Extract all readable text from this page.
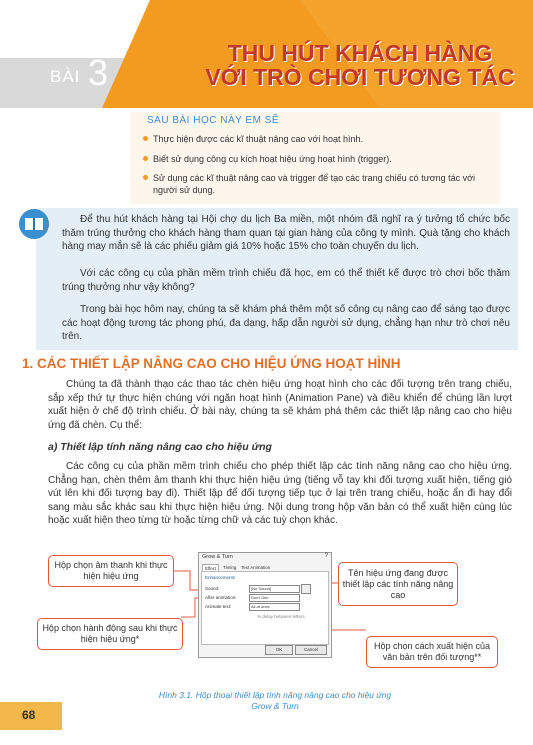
BÀI 3	THU HÚT KHÁCH HÀNG
VỚI TRÒ CHƠI TƯƠNG TÁC
SAU BÀI HỌC NÀY EM SẼ
Thực hiện được các kĩ thuật nâng cao với hoạt hình.
Biết sử dụng công cụ kích hoạt hiệu ứng hoạt hình (trigger).
Sử dụng các kĩ thuật nâng cao và trigger để tạo các trang chiếu có tương tác với người sử dụng.
Để thu hút khách hàng tại Hội chợ du lịch Ba miền, một nhóm đã nghĩ ra ý tưởng tổ chức bốc thăm trúng thưởng cho khách hàng tham quan tại gian hàng của công ty mình. Quà tặng cho khách hàng may mắn sẽ là các phiếu giảm giá 10% hoặc 15% cho toàn chuyến du lịch.
Với các công cụ của phần mềm trình chiếu đã học, em có thể thiết kế được trò chơi bốc thăm trúng thưởng như vậy không?
Trong bài học hôm nay, chúng ta sẽ khám phá thêm một số công cụ nâng cao để sáng tạo được các hoạt động tương tác phong phú, đa dạng, hấp dẫn người sử dụng, chẳng hạn như trò chơi nêu trên.
1. CÁC THIẾT LẬP NÂNG CAO CHO HIỆU ỨNG HOẠT HÌNH
Chúng ta đã thành thạo các thao tác chèn hiệu ứng hoạt hình cho các đối tượng trên trang chiếu, sắp xếp thứ tự thực hiện chúng với ngăn hoạt hình (Animation Pane) và điều khiển để chúng lần lượt xuất hiện ở chế độ trình chiếu. Ở bài này, chúng ta sẽ khám phá thêm các thiết lập nâng cao cho hiệu ứng đã chèn. Cụ thể:
a) Thiết lập tính năng nâng cao cho hiệu ứng
Các công cụ của phần mềm trình chiếu cho phép thiết lập các tính năng nâng cao cho hiệu ứng. Chẳng hạn, chèn thêm âm thanh khi thực hiện hiệu ứng (tiếng vỗ tay khi đối tượng xuất hiện, tiếng gió vút lên khi đối tượng bay đi). Thiết lập để đối tượng tiếp tục ở lại trên trang chiếu, hoặc ẩn đi hay đổi sang màu sắc khác sau khi thực hiện hiệu ứng. Nội dung trong hộp văn bản có thể xuất hiện cùng lúc hoặc xuất hiện theo từng từ hoặc từng chữ và các tuỳ chọn khác.
Grow & Turn	?
Effect	Timing	Text Animation
Enhancements
Sound:	[No Sound]
After animation:	Don't Dim
Animate text:	All at once
% delay between letters
OK	Cancel
Hộp chọn âm thanh khi thực hiện hiệu ứng
Hộp chọn hành động sau khi thực hiện hiệu ứng*
Tên hiệu ứng đang được thiết lập các tính năng nâng cao
Hộp chọn cách xuất hiện của văn bản trên đối tượng**
Hình 3.1. Hộp thoại thiết lập tính năng nâng cao cho hiệu ứng
Grow & Turn
68
